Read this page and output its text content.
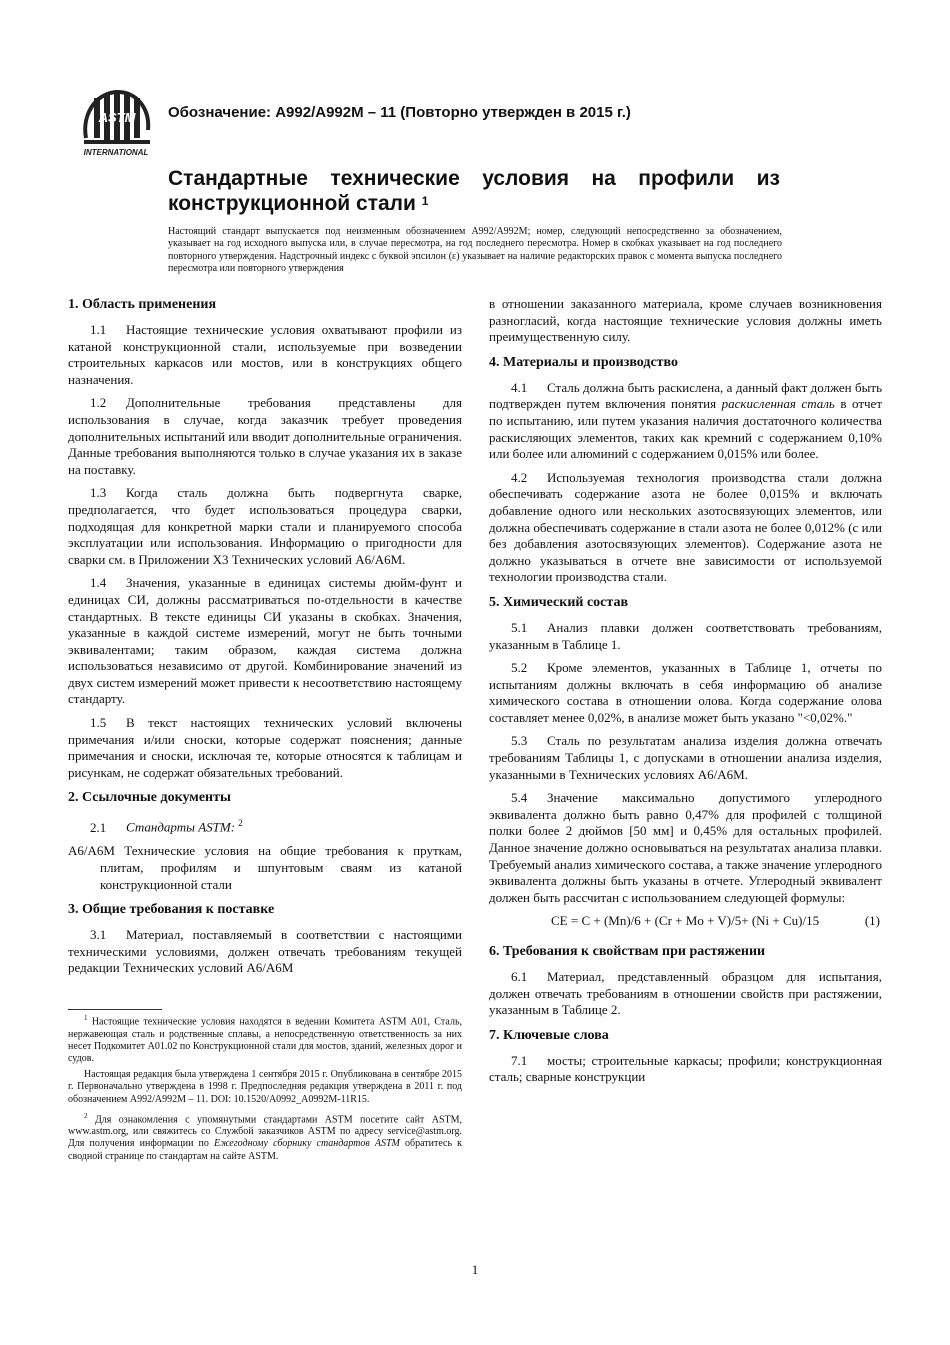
ASTM
INTERNATIONAL
Обозначение: A992/A992M – 11 (Повторно утвержден в 2015 г.)
Стандартные технические условия на профили из конструкционной стали $^1$

Настоящий стандарт выпускается под неизменным обозначением A992/A992M; номер, следующий непосредственно за обозначением, указывает на год исходного выпуска или, в случае пересмотра, на год последнего пересмотра. Номер в скобках указывает на год последнего повторного утверждения. Надстрочный индекс с буквой эпсилон (ε) указывает на наличие редакторских правок с момента выпуска последнего пересмотра или повторного утверждения

1. Область применения

1.1 Настоящие технические условия охватывают профили из катаной конструкционной стали, используемые при возведении строительных каркасов или мостов, или в конструкциях общего назначения.

1.2 Дополнительные требования представлены для использования в случае, когда заказчик требует проведения дополнительных испытаний или вводит дополнительные ограничения. Данные требования выполняются только в случае указания их в заказе на поставку.

1.3 Когда сталь должна быть подвергнута сварке, предполагается, что будет использоваться процедура сварки, подходящая для конкретной марки стали и планируемого способа эксплуатации или использования. Информацию о пригодности для сварки см. в Приложении X3 Технических условий A6/A6M.

1.4 Значения, указанные в единицах системы дюйм-фунт и единицах СИ, должны рассматриваться по-отдельности в качестве стандартных. В тексте единицы СИ указаны в скобках. Значения, указанные в каждой системе измерений, могут не быть точными эквивалентами; таким образом, каждая система должна использоваться независимо от другой. Комбинирование значений из двух систем измерений может привести к несоответствию настоящему стандарту.

1.5 В текст настоящих технических условий включены примечания и/или сноски, которые содержат пояснения; данные примечания и сноски, исключая те, которые относятся к таблицам и рисункам, не содержат обязательных требований.

2. Ссылочные документы

2.1 Стандарты ASTM: $^2$

A6/A6M Технические условия на общие требования к пруткам, плитам, профилям и шпунтовым сваям из катаной конструкционной стали

3. Общие требования к поставке

3.1 Материал, поставляемый в соответствии с настоящими техническими условиями, должен отвечать требованиям текущей редакции Технических условий A6/A6M

$^1$ Настоящие технические условия находятся в ведении Комитета ASTM A01, Сталь, нержавеющая сталь и родственные сплавы, а непосредственную ответственность за них несет Подкомитет A01.02 по Конструкционной стали для мостов, зданий, железных дорог и судов.

Настоящая редакция была утверждена 1 сентября 2015 г. Опубликована в сентябре 2015 г. Первоначально утверждена в 1998 г. Предпоследняя редакция утверждена в 2011 г. под обозначением A992/A992M – 11. DOI: 10.1520/A0992_A0992M-11R15.

$^2$ Для ознакомления с упомянутыми стандартами ASTM посетите сайт ASTM, www.astm.org, или свяжитесь со Службой заказчиков ASTM по адресу service@astm.org. Для получения информации по Ежегодному сборнику стандартов ASTM обратитесь к сводной странице по стандартам на сайте ASTM.

в отношении заказанного материала, кроме случаев возникновения разногласий, когда настоящие технические условия должны иметь преимущественную силу.

4. Материалы и производство

4.1 Сталь должна быть раскислена, а данный факт должен быть подтвержден путем включения понятия раскисленная сталь в отчет по испытанию, или путем указания наличия достаточного количества раскисляющих элементов, таких как кремний с содержанием 0,10% или более или алюминий с содержанием 0,015% или более.

4.2 Используемая технология производства стали должна обеспечивать содержание азота не более 0,015% и включать добавление одного или нескольких азотосвязующих элементов, или должна обеспечивать содержание в стали азота не более 0,012% (с или без добавления азотосвязующих элементов). Содержание азота не должно указываться в отчете вне зависимости от используемой технологии производства стали.

5. Химический состав

5.1 Анализ плавки должен соответствовать требованиям, указанным в Таблице 1.

5.2 Кроме элементов, указанных в Таблице 1, отчеты по испытаниям должны включать в себя информацию об анализе химического состава в отношении олова. Когда содержание олова составляет менее 0,02%, в анализе может быть указано "<0,02%."

5.3 Сталь по результатам анализа изделия должна отвечать требованиям Таблицы 1, с допусками в отношении анализа изделия, указанными в Технических условиях A6/A6M.

5.4 Значение максимально допустимого углеродного эквивалента должно быть равно 0,47% для профилей с толщиной полки более 2 дюймов [50 мм] и 0,45% для остальных профилей. Данное значение должно основываться на результатах анализа плавки. Требуемый анализ химического состава, а также значение углеродного эквивалента должны быть указаны в отчете. Углеродный эквивалент должен быть рассчитан с использованием следующей формулы:

CE = C + (Mn)/6 + (Cr + Mo + V)/5+ (Ni + Cu)/15	(1)
6. Требования к свойствам при растяжении

6.1 Материал, представленный образцом для испытания, должен отвечать требованиям в отношении свойств при растяжении, указанным в Таблице 2.

7. Ключевые слова

7.1 мосты; строительные каркасы; профили; конструкционная сталь; сварные конструкции

1
